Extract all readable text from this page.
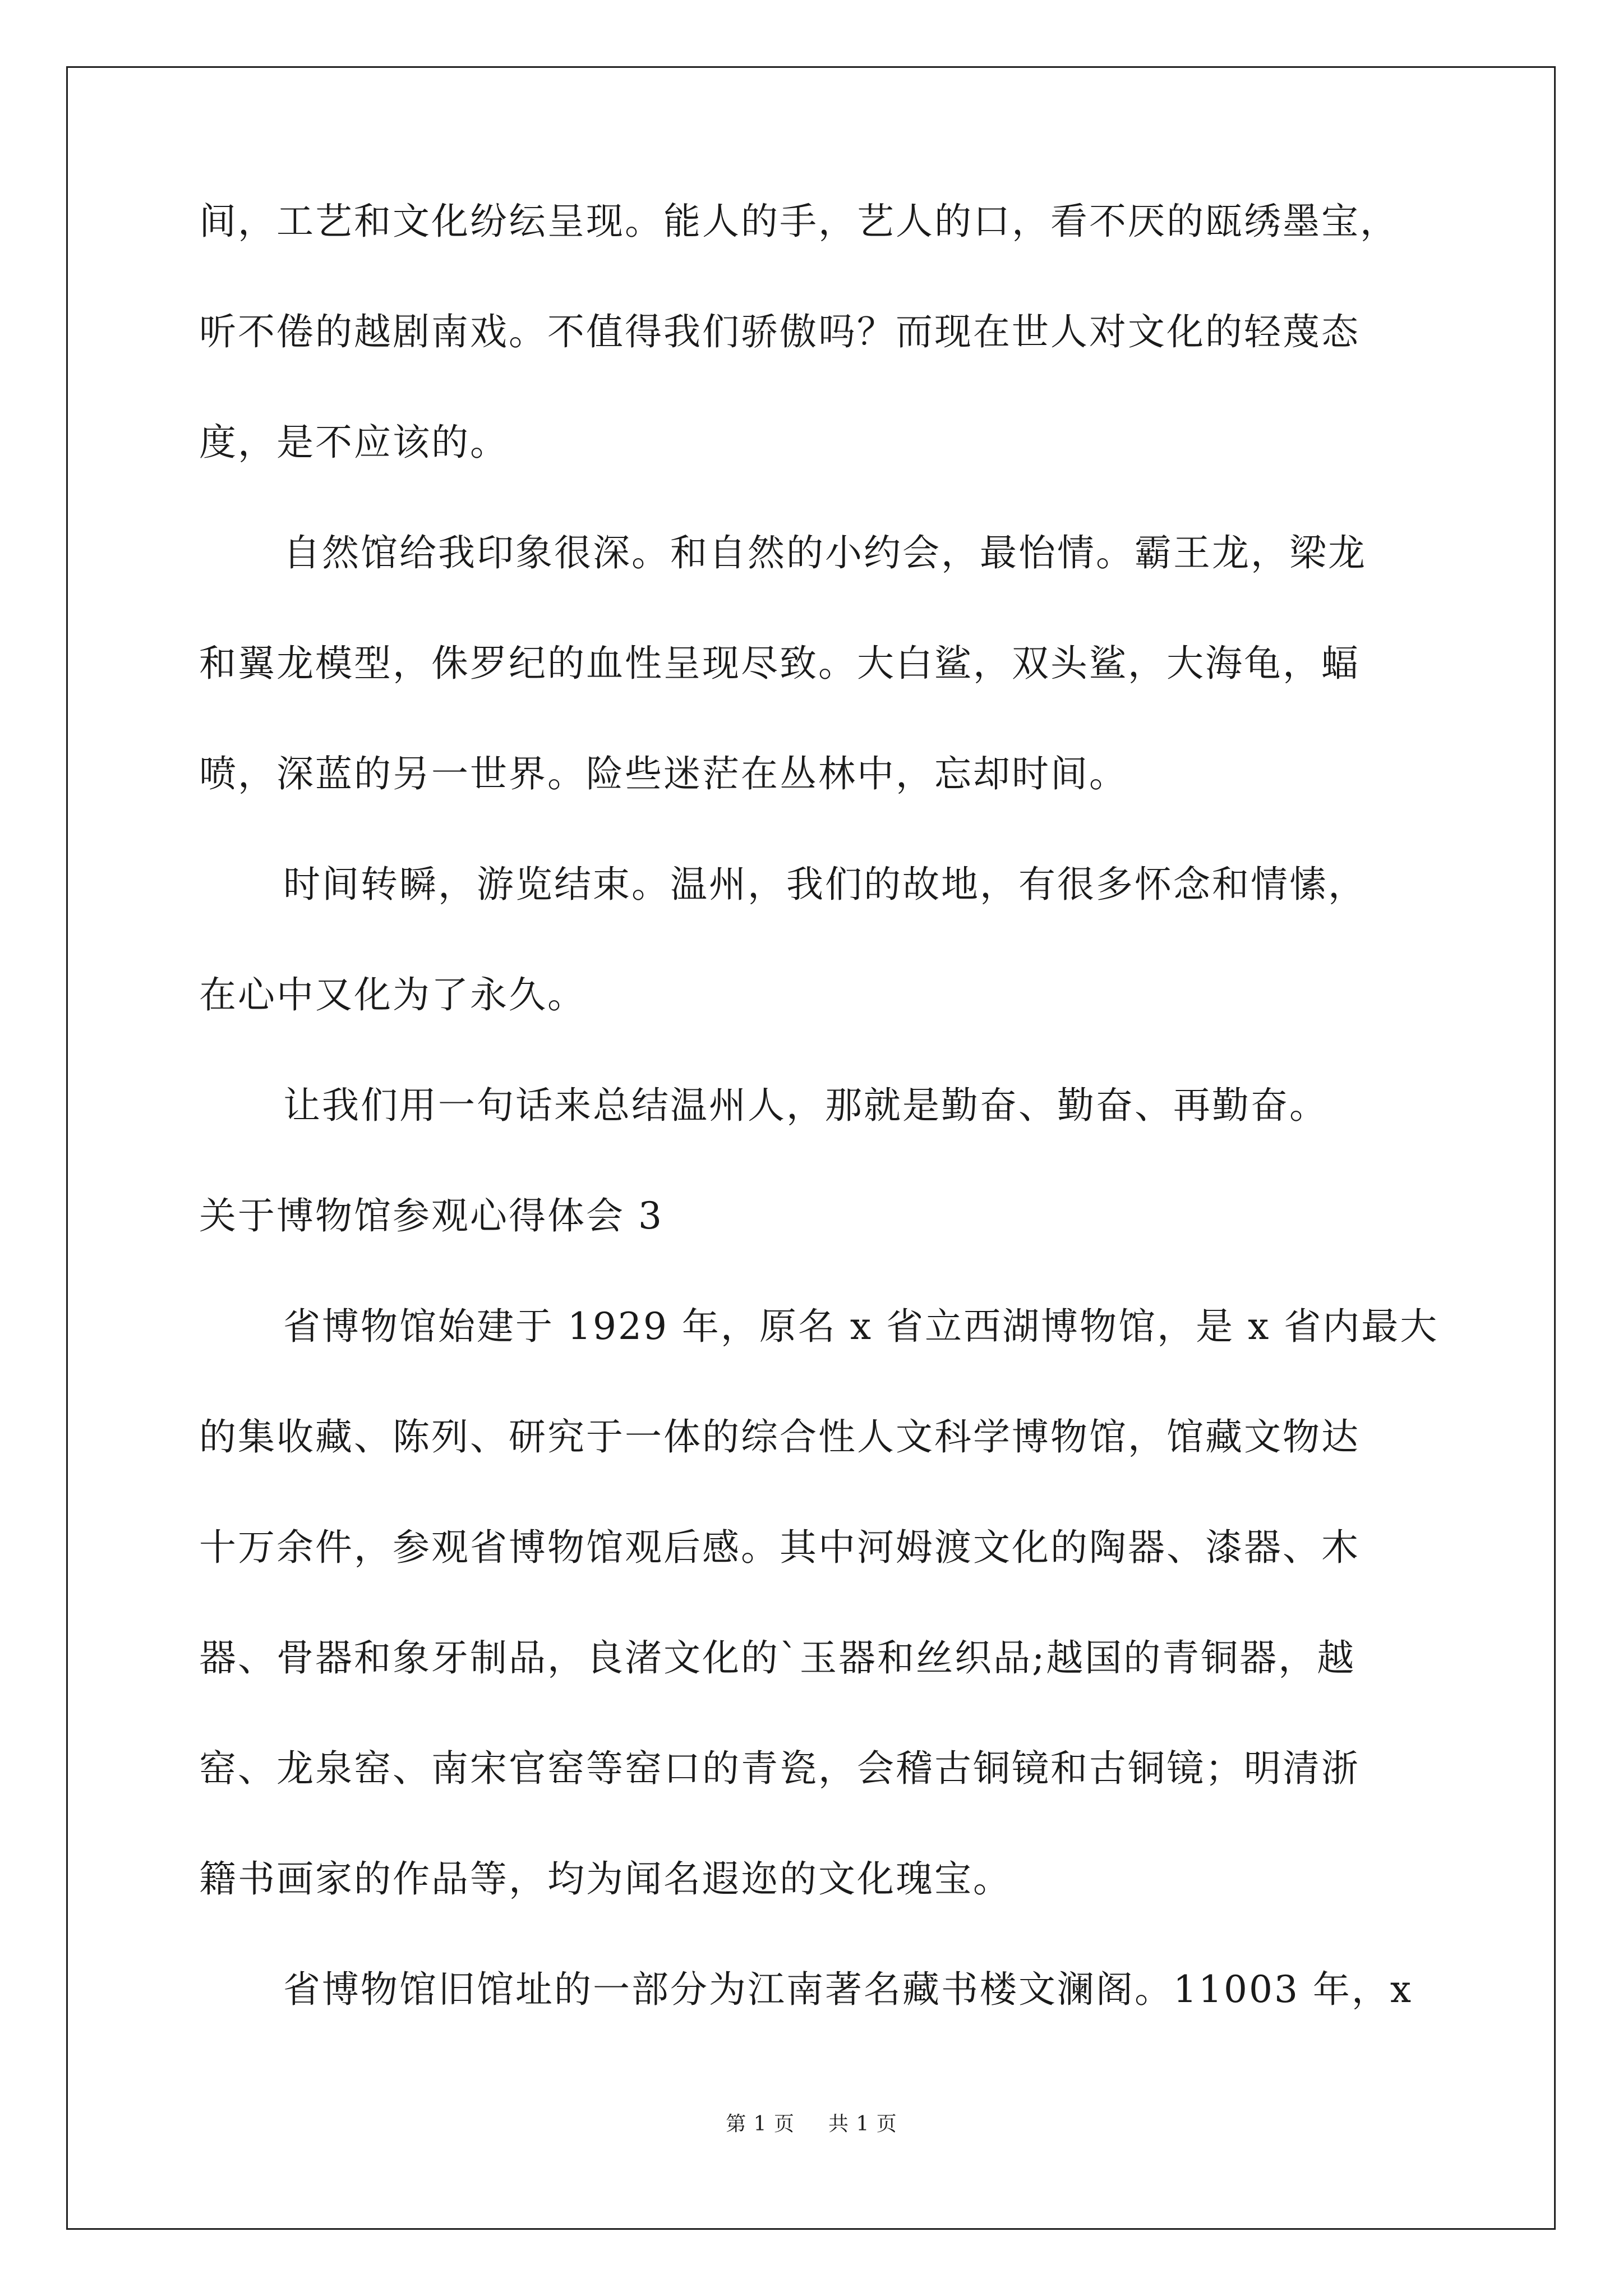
间，工艺和文化纷纭呈现。能人的手，艺人的口，看不厌的瓯绣墨宝，
听不倦的越剧南戏。不值得我们骄傲吗？而现在世人对文化的轻蔑态
度，是不应该的。
自然馆给我印象很深。和自然的小约会，最怡情。霸王龙，梁龙
和翼龙模型，侏罗纪的血性呈现尽致。大白鲨，双头鲨，大海龟，蝠
喷，深蓝的另一世界。险些迷茫在丛林中，忘却时间。
时间转瞬，游览结束。温州，我们的故地，有很多怀念和情愫，
在心中又化为了永久。
让我们用一句话来总结温州人，那就是勤奋、勤奋、再勤奋。
关于博物馆参观心得体会 3
省博物馆始建于 1929 年，原名 x 省立西湖博物馆，是 x 省内最大
的集收藏、陈列、研究于一体的综合性人文科学博物馆，馆藏文物达
十万余件，参观省博物馆观后感。其中河姆渡文化的陶器、漆器、木
器、骨器和象牙制品，良渚文化的`玉器和丝织品;越国的青铜器，越
窑、龙泉窑、南宋官窑等窑口的青瓷，会稽古铜镜和古铜镜；明清浙
籍书画家的作品等，均为闻名遐迩的文化瑰宝。
省博物馆旧馆址的一部分为江南著名藏书楼文澜阁。11003 年，x
第 1 页 共 1 页
